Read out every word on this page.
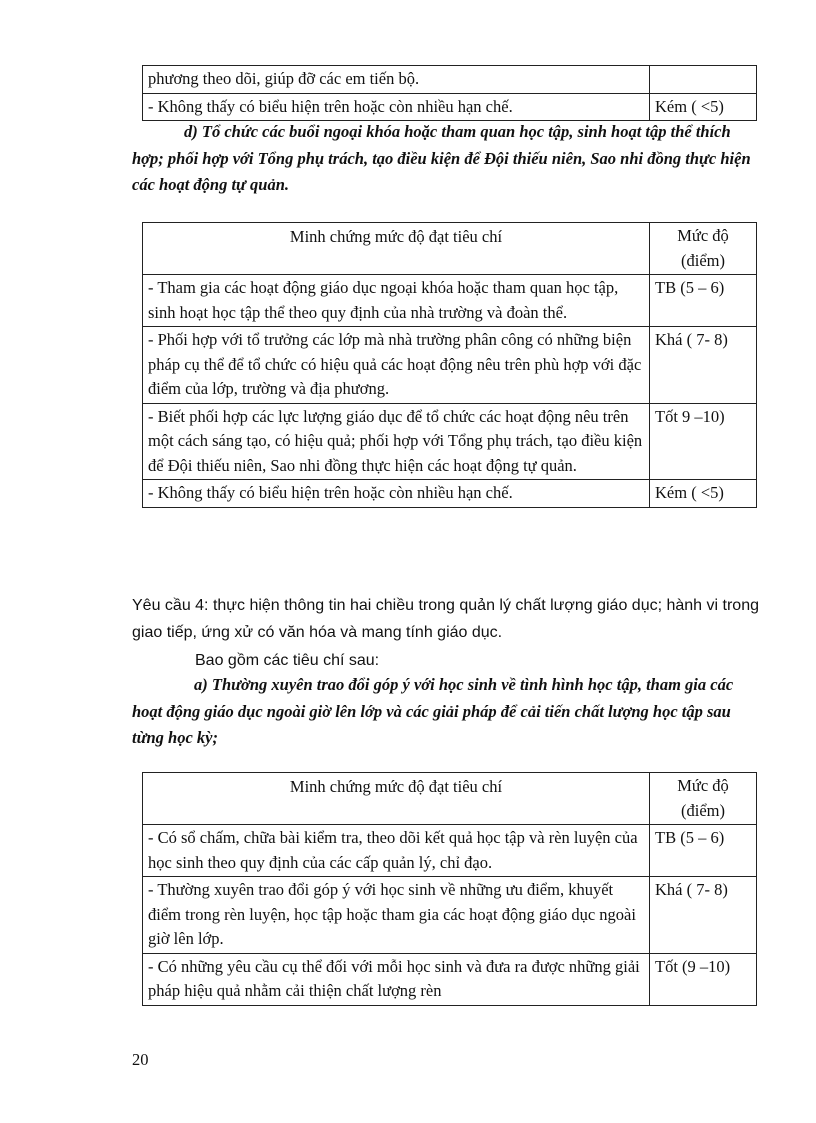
phương theo dõi, giúp đỡ các em tiến bộ.	
- Không thấy có biểu hiện trên hoặc còn nhiều hạn chế.	Kém ( <5)
d) Tổ chức các buổi ngoại khóa hoặc tham quan học tập, sinh hoạt tập thể thích hợp; phối hợp với Tổng phụ trách, tạo điều kiện để Đội thiếu niên, Sao nhi đồng thực hiện các hoạt động tự quản.
Minh chứng mức độ đạt tiêu chí	Mức độ (điểm)
- Tham gia các hoạt động giáo dục ngoại khóa hoặc tham quan học tập, sinh hoạt học tập thể theo quy định của nhà trường và đoàn thể.	TB (5 – 6)
- Phối hợp với tổ trưởng các lớp mà nhà trường phân công có những biện pháp cụ thể để tổ chức có hiệu quả các hoạt động nêu trên phù hợp với đặc điểm của lớp, trường và địa phương.	Khá ( 7- 8)
- Biết phối hợp các lực lượng giáo dục để tổ chức các hoạt động nêu trên một cách sáng tạo, có hiệu quả; phối hợp với Tổng phụ trách, tạo điều kiện để Đội thiếu niên, Sao nhi đồng thực hiện các hoạt động tự quản.	Tốt 9 –10)
- Không thấy có biểu hiện trên hoặc còn nhiều hạn chế.	Kém ( <5)
Yêu cầu 4: thực hiện thông tin hai chiều trong quản lý chất lượng giáo dục; hành vi trong giao tiếp, ứng xử có văn hóa và mang tính giáo dục.
Bao gồm các tiêu chí sau:
a) Thường xuyên trao đổi góp ý với học sinh về tình hình học tập, tham gia các hoạt động giáo dục ngoài giờ lên lớp và các giải pháp để cải tiến chất lượng học tập sau từng học kỳ;
Minh chứng mức độ đạt tiêu chí	Mức độ (điểm)
- Có sổ chấm, chữa bài kiểm tra, theo dõi kết quả học tập và rèn luyện của học sinh theo quy định của các cấp quản lý, chỉ đạo.	TB (5 – 6)
- Thường xuyên trao đổi góp ý với học sinh về những ưu điểm, khuyết điểm trong rèn luyện, học tập hoặc tham gia các hoạt động giáo dục ngoài giờ lên lớp.	Khá ( 7- 8)
- Có những yêu cầu cụ thể đối với mỗi học sinh và đưa ra được những giải pháp hiệu quả nhằm cải thiện chất lượng rèn	Tốt (9 –10)
20
